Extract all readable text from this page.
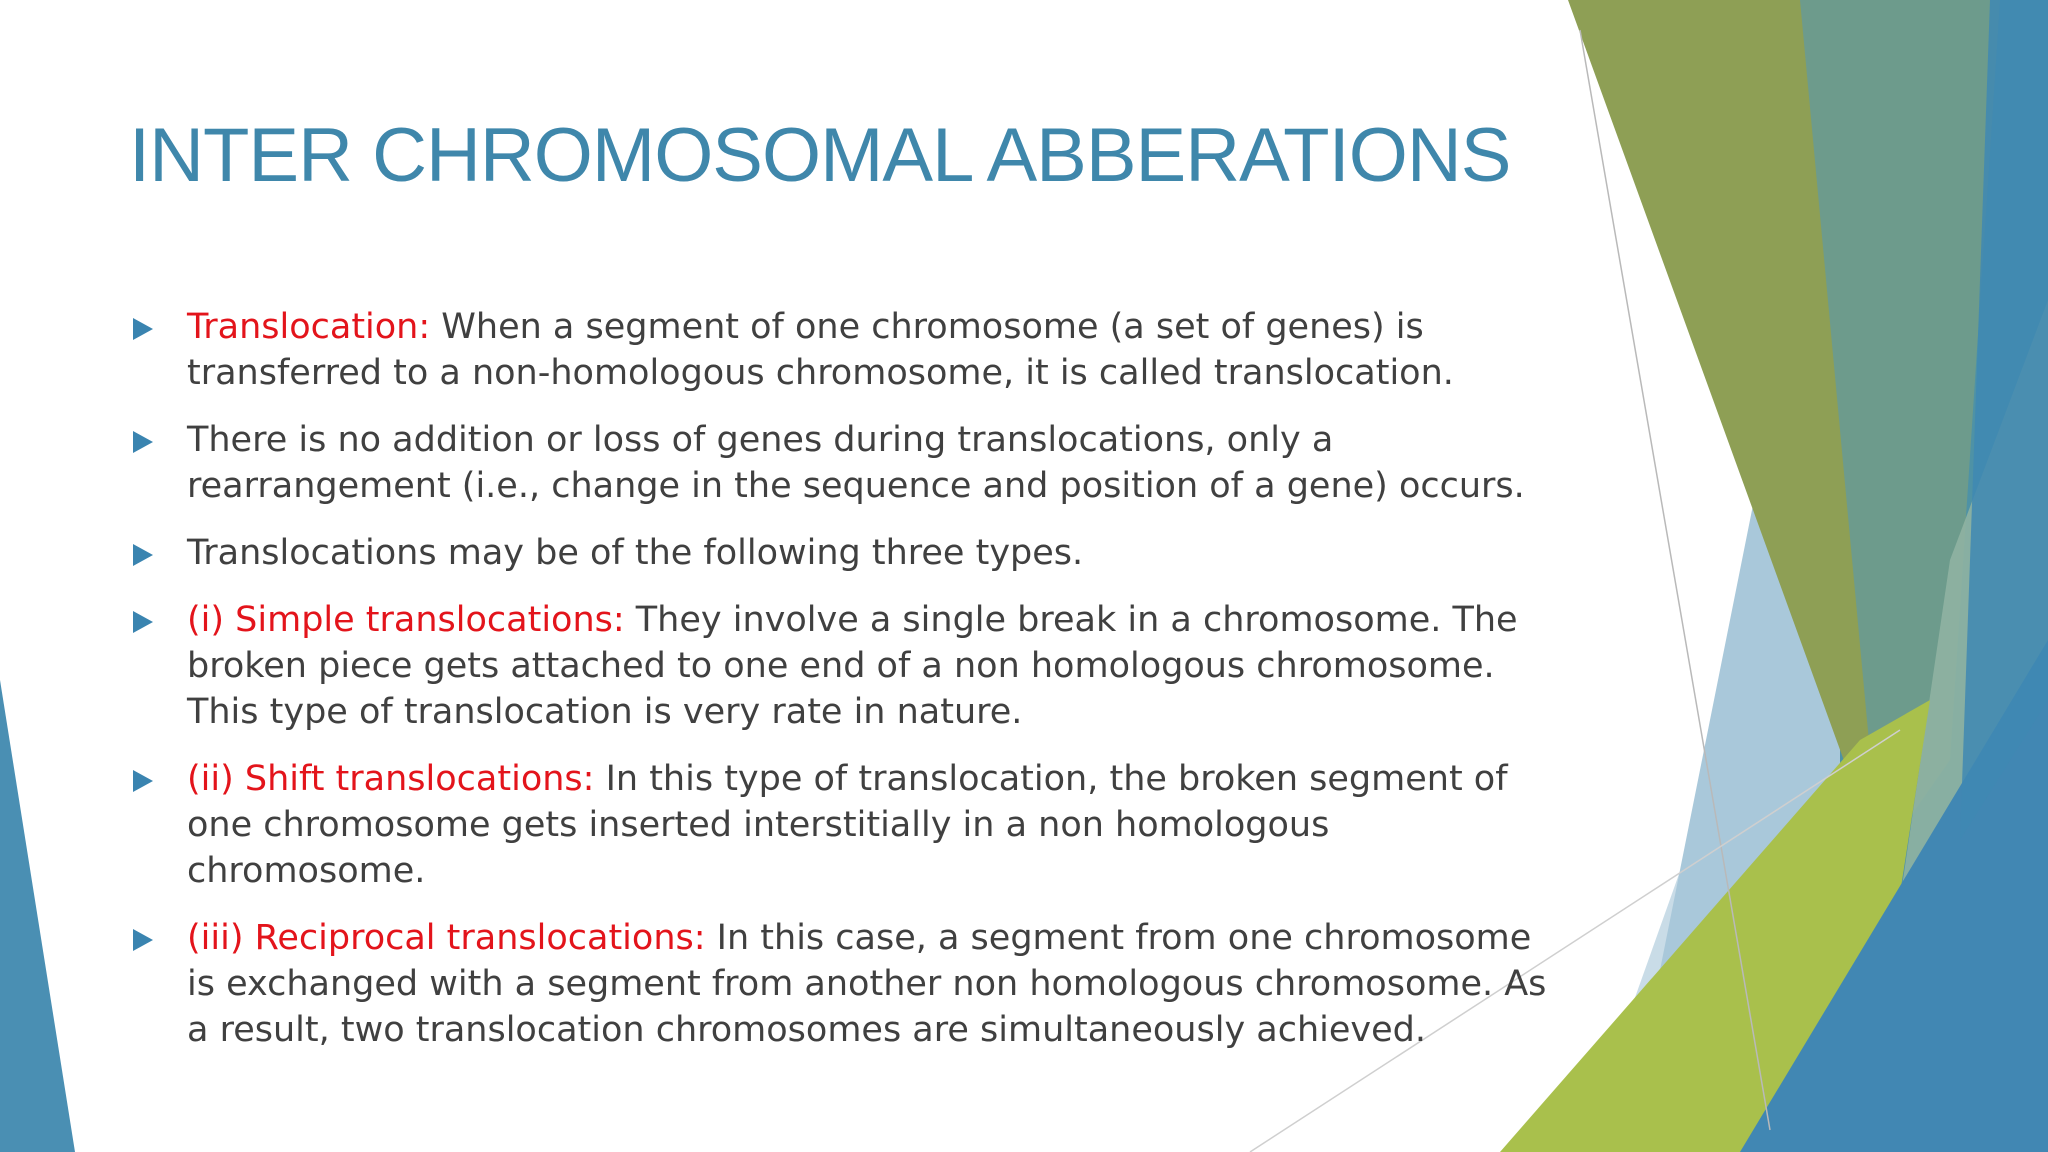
INTER CHROMOSOMAL ABBERATIONS
Translocation: When a segment of one chromosome (a set of genes) is transferred to a non-homologous chromosome, it is called translocation.
There is no addition or loss of genes during translocations, only a rearrangement (i.e., change in the sequence and position of a gene) occurs.
Translocations may be of the following three types.
(i) Simple translocations: They involve a single break in a chromosome. The broken piece gets attached to one end of a non homologous chromosome. This type of translocation is very rate in nature.
(ii) Shift translocations: In this type of translocation, the broken segment of one chromosome gets inserted interstitially in a non homologous chromosome.
(iii) Reciprocal translocations: In this case, a segment from one chromosome is exchanged with a segment from another non homologous chromosome. As a result, two translocation chromosomes are simultaneously achieved.
